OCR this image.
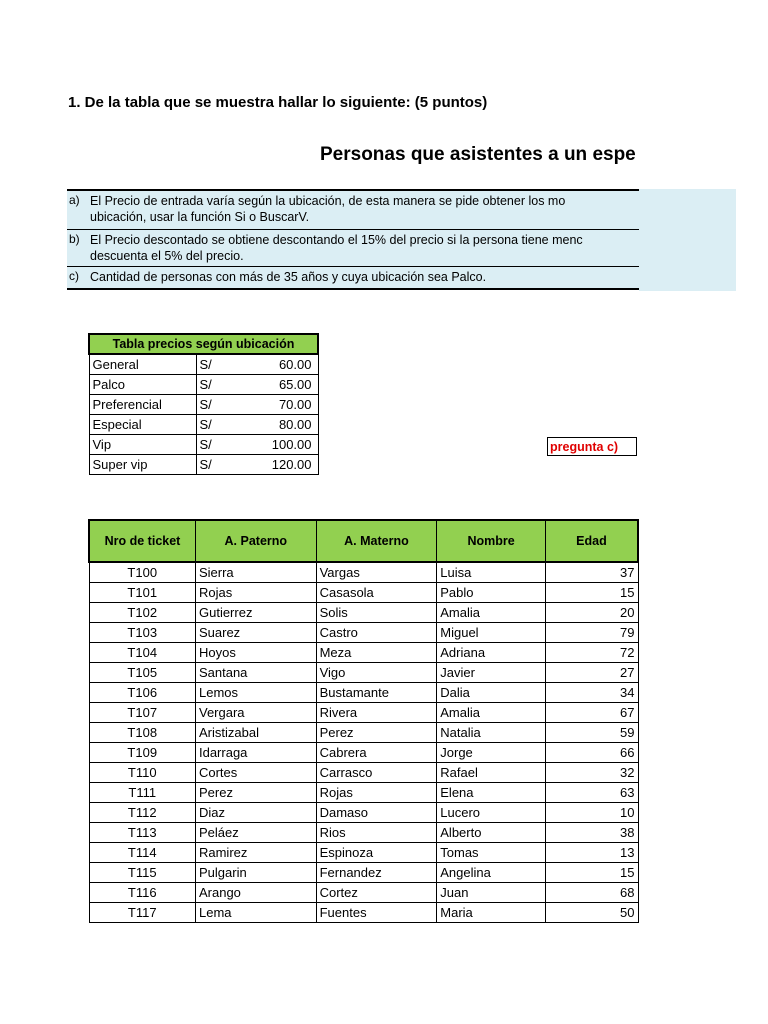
1. De la tabla que se muestra hallar lo siguiente: (5 puntos)
Personas que asistentes a un espe
a) El Precio de entrada varía según la ubicación, de esta manera se pide obtener los mo
ubicación, usar la función Si o BuscarV.
b) El Precio descontado se obtiene descontando el 15% del precio si la persona tiene menc
descuenta el 5% del precio.
c) Cantidad de personas con más de 35 años y cuya ubicación sea Palco.
Tabla precios según ubicación		
General	S/	60.00
Palco	S/	65.00
Preferencial	S/	70.00
Especial	S/	80.00
Vip	S/	100.00
Super vip	S/	120.00
pregunta c)
Nro de ticket	A. Paterno	A. Materno	Nombre	Edad
T100	Sierra	Vargas	Luisa	37
T101	Rojas	Casasola	Pablo	15
T102	Gutierrez	Solis	Amalia	20
T103	Suarez	Castro	Miguel	79
T104	Hoyos	Meza	Adriana	72
T105	Santana	Vigo	Javier	27
T106	Lemos	Bustamante	Dalia	34
T107	Vergara	Rivera	Amalia	67
T108	Aristizabal	Perez	Natalia	59
T109	Idarraga	Cabrera	Jorge	66
T110	Cortes	Carrasco	Rafael	32
T111	Perez	Rojas	Elena	63
T112	Diaz	Damaso	Lucero	10
T113	Peláez	Rios	Alberto	38
T114	Ramirez	Espinoza	Tomas	13
T115	Pulgarin	Fernandez	Angelina	15
T116	Arango	Cortez	Juan	68
T117	Lema	Fuentes	Maria	50
